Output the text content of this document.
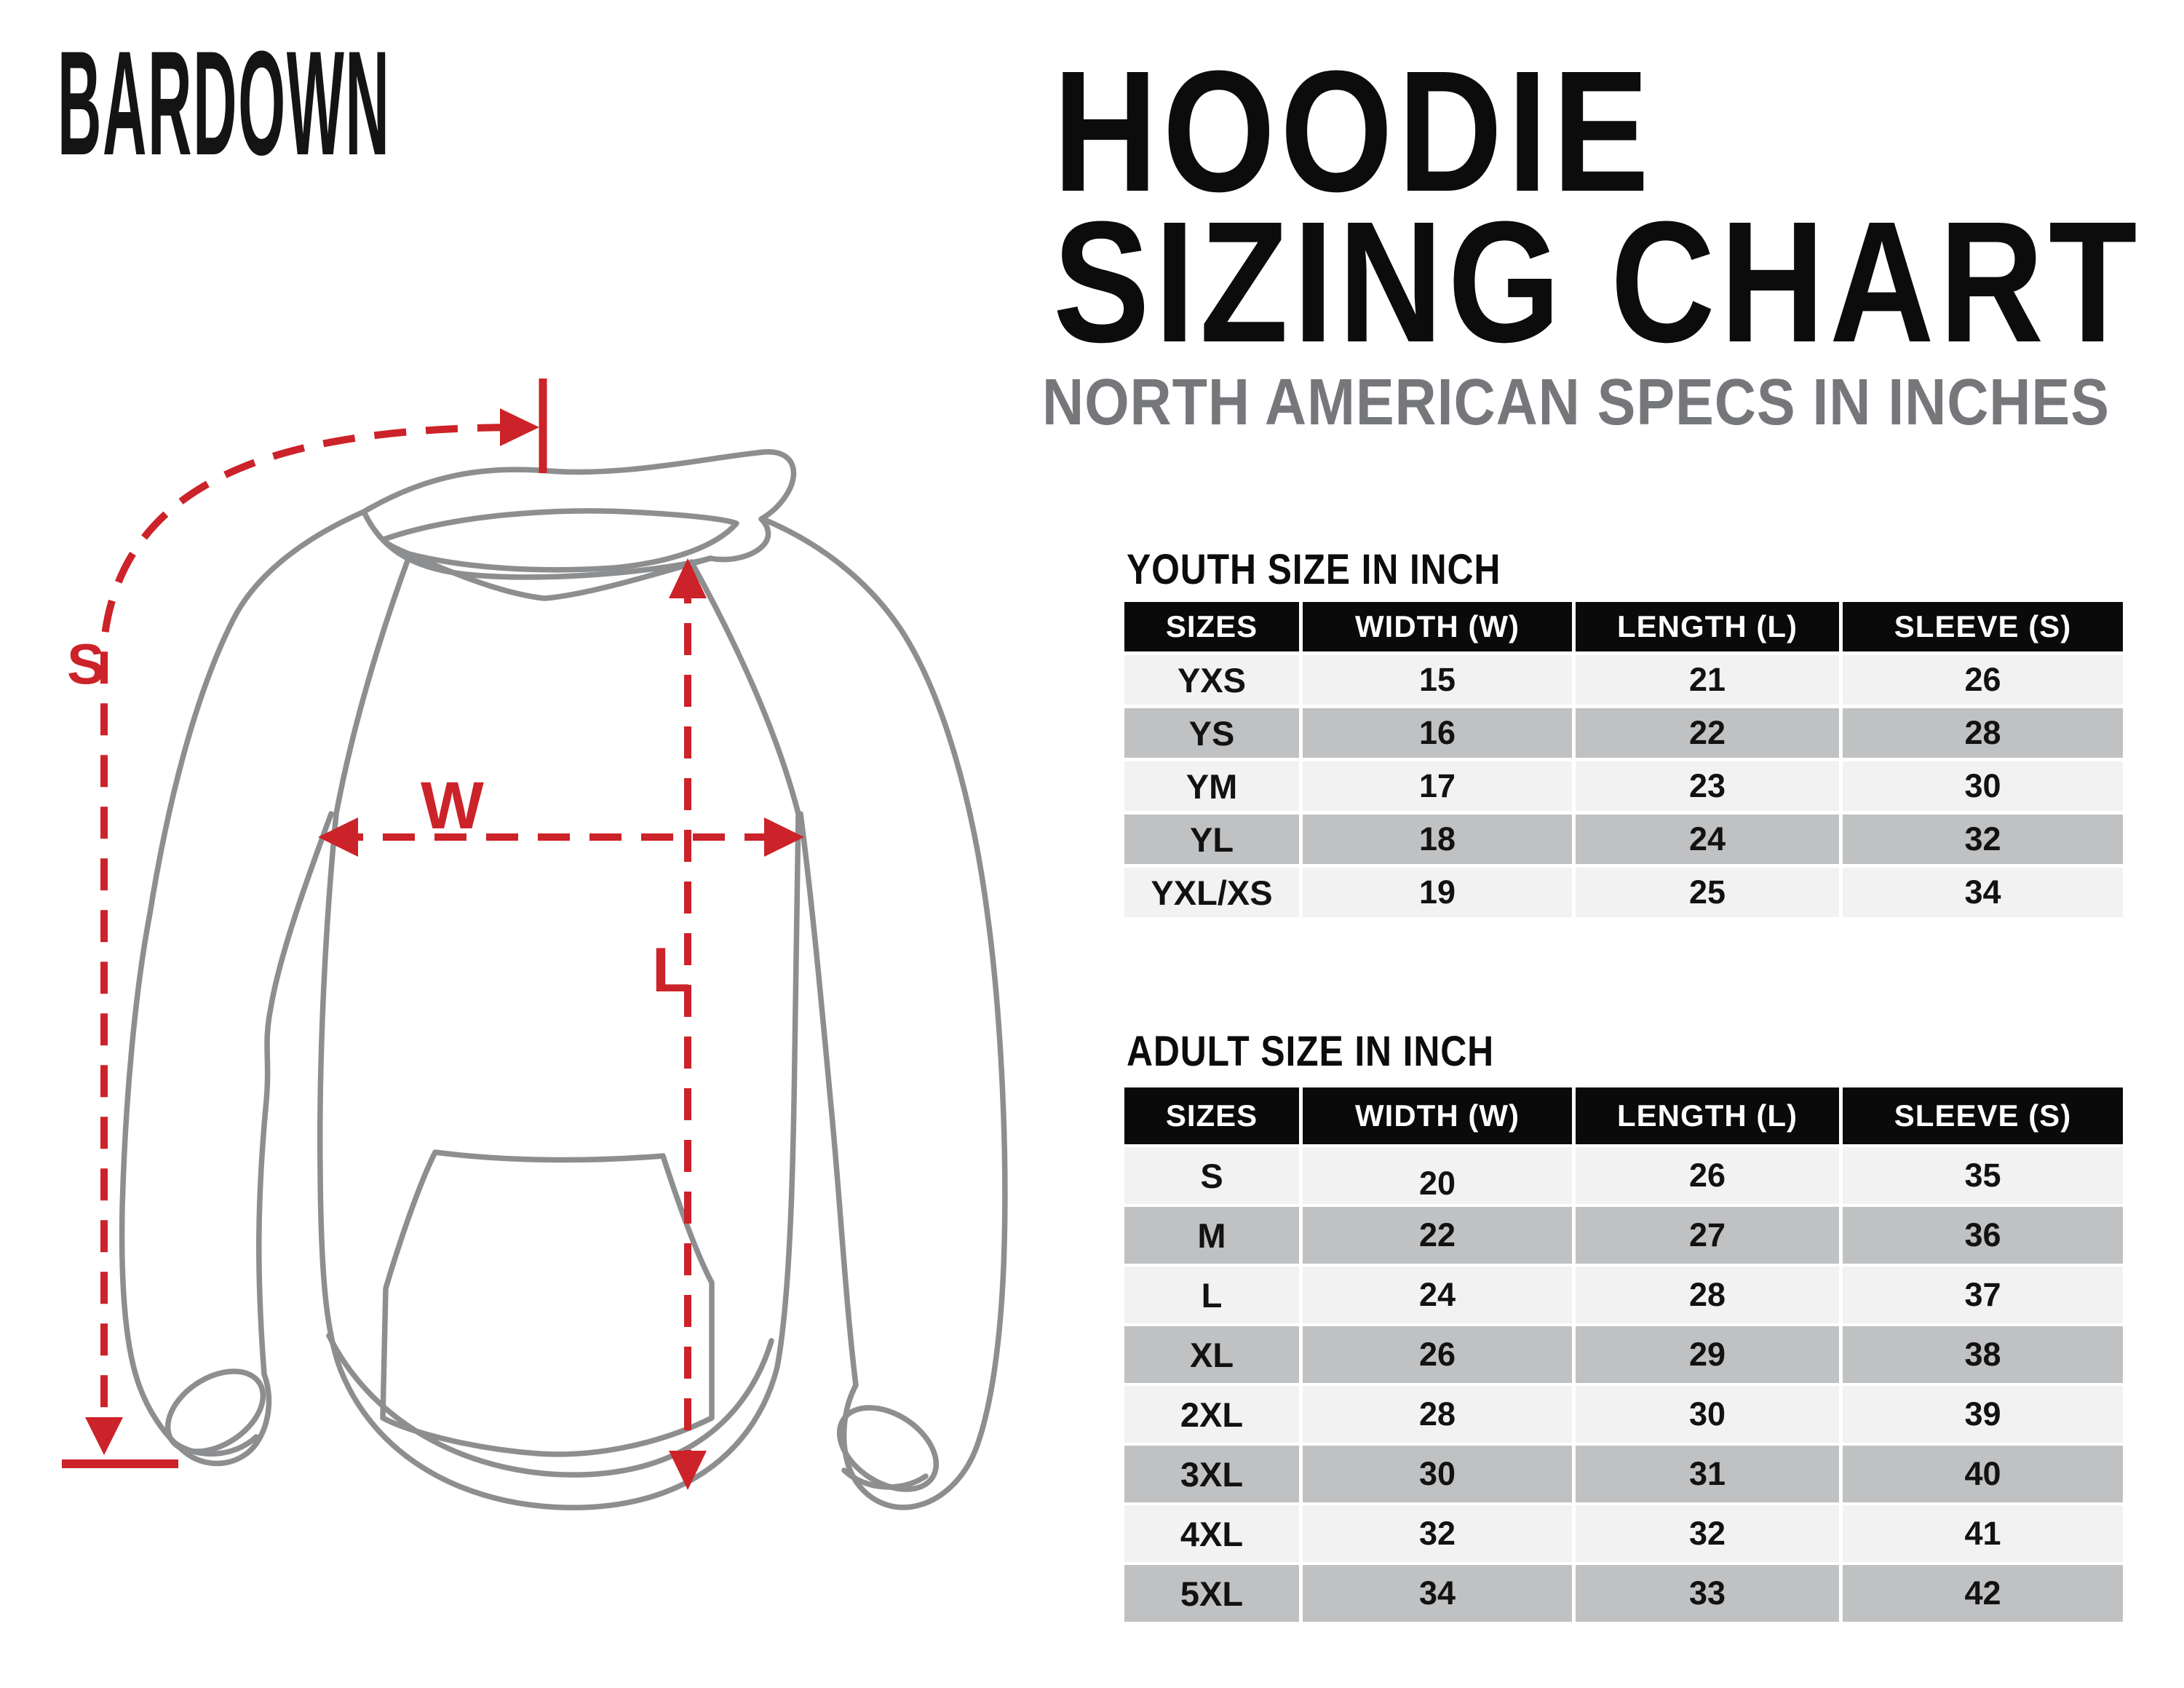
BARDOWN	HOODIE
SIZING CHART
NORTH AMERICAN SPECS IN INCHES
S
W
L
YOUTH SIZE IN INCH
SIZES	WIDTH (W)	LENGTH (L)	SLEEVE (S)
YXS	15	21	26
YS	16	22	28
YM	17	23	30
YL	18	24	32
YXL/XS	19	25	34
ADULT SIZE IN INCH
SIZES	WIDTH (W)	LENGTH (L)	SLEEVE (S)
S	20	26	35
M	22	27	36
L	24	28	37
XL	26	29	38
2XL	28	30	39
3XL	30	31	40
4XL	32	32	41
5XL	34	33	42
